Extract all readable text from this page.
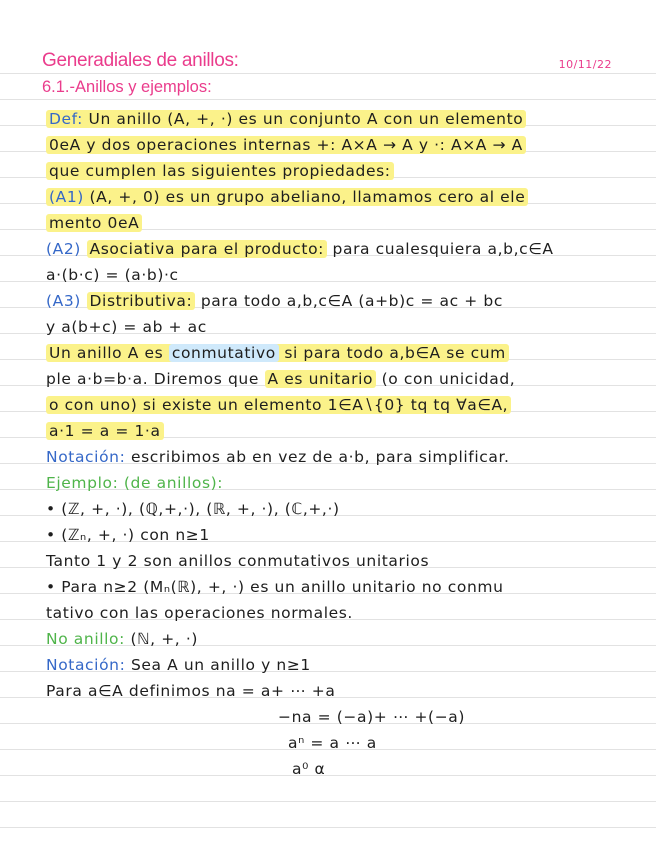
Generadiales de anillos:	10/11/22
6.1.-Anillos y ejemplos:
Def: Un anillo (A, +, ·) es un conjunto A con un elemento
0eA y dos operaciones internas +: A×A → A y ·: A×A → A
que cumplen las siguientes propiedades:
(A1) (A, +, 0) es un grupo abeliano, llamamos cero al ele
mento 0eA
(A2) Asociativa para el producto: para cualesquiera a,b,c∈A
a·(b·c) = (a·b)·c
(A3) Distributiva: para todo a,b,c∈A (a+b)c = ac + bc
y a(b+c) = ab + ac
Un anillo A es conmutativo si para todo a,b∈A se cum
ple a·b=b·a. Diremos que A es unitario (o con unicidad,
o con uno) si existe un elemento 1∈A∖{0} tq tq ∀a∈A,
a·1 = a = 1·a
Notación: escribimos ab en vez de a·b, para simplificar.
Ejemplo: (de anillos):
• (ℤ, +, ·), (ℚ,+,·), (ℝ, +, ·), (ℂ,+,·)
• (ℤₙ, +, ·) con n≥1
Tanto 1 y 2 son anillos conmutativos unitarios
• Para n≥2 (Mₙ(ℝ), +, ·) es un anillo unitario no conmu
tativo con las operaciones normales.
No anillo: (ℕ, +, ·)
Notación: Sea A un anillo y n≥1
Para a∈A definimos na = a+ ⋯ +a
−na = (−a)+ ⋯ +(−a)
aⁿ = a ⋯ a
a⁰ α
